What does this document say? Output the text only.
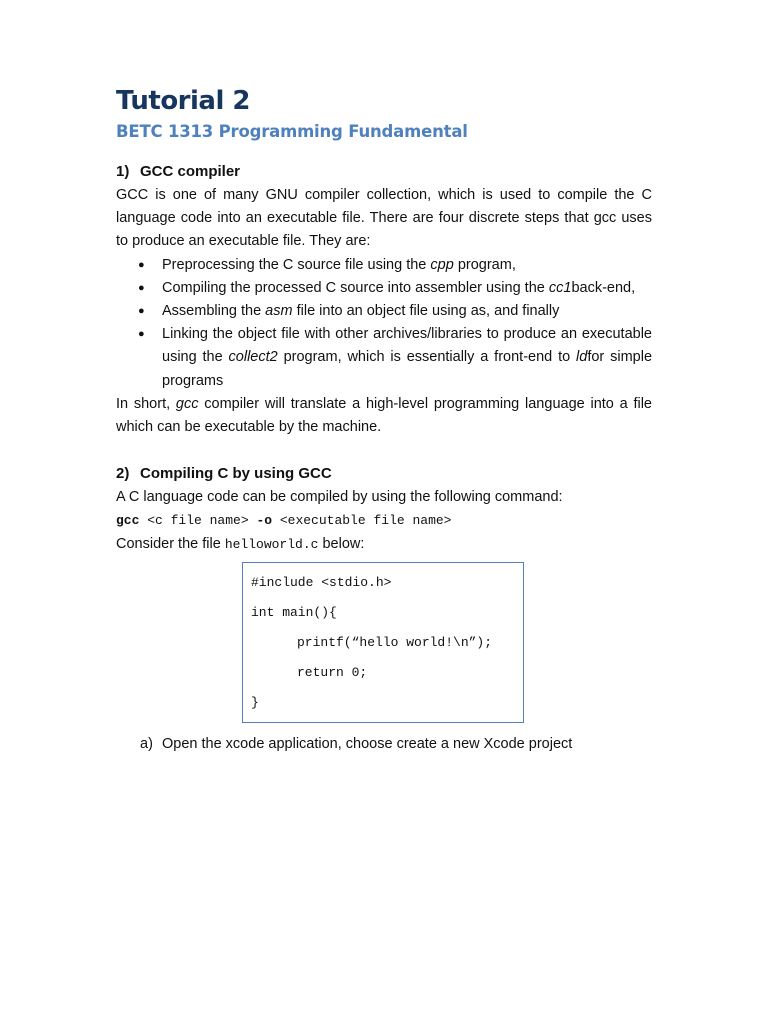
Tutorial 2
BETC 1313 Programming Fundamental
1) GCC compiler

GCC is one of many GNU compiler collection, which is used to compile the C language code into an executable file. There are four discrete steps that gcc uses to produce an executable file. They are:

● Preprocessing the C source file using the cpp program,
● Compiling the processed C source into assembler using the cc1back-end,
● Assembling the asm file into an object file using as, and finally
● Linking the object file with other archives/libraries to produce an executable using the collect2 program, which is essentially a front-end to ldfor simple programs

In short, gcc compiler will translate a high-level programming language into a file which can be executable by the machine.

2) Compiling C by using GCC

A C language code can be compiled by using the following command:

gcc <c file name> -o <executable file name>

Consider the file helloworld.c below:

#include <stdio.h>
int main(){
printf(“hello world!\n”);
return 0;
}
a) Open the xcode application, choose create a new Xcode project
